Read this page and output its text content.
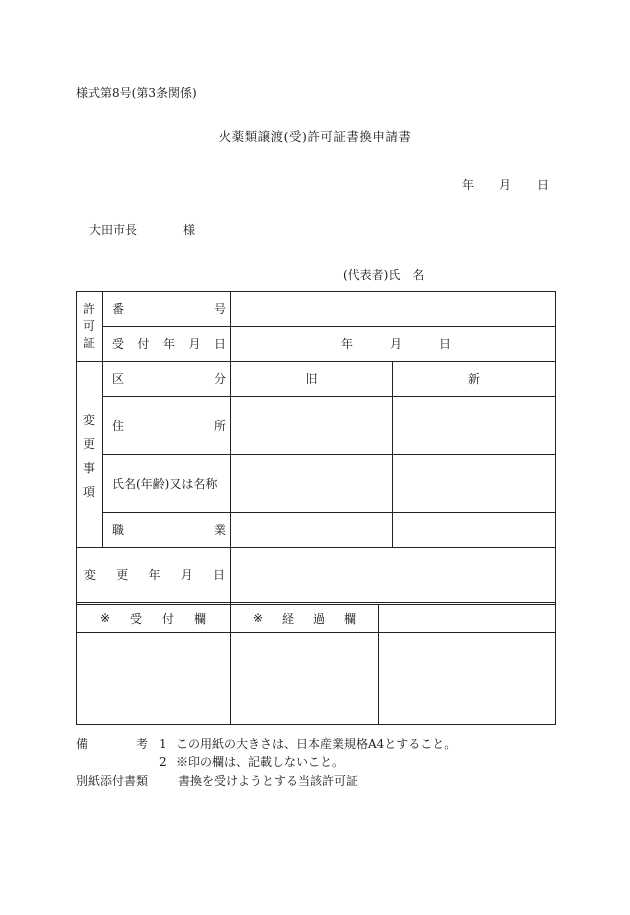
様式第8号(第3条関係)
火薬類譲渡(受)許可証書換申請書
年 月 日
大田市長	様
(代表者)氏　名
許
可
証
番	号
受 付 年 月 日	年	月	日
変
更
事
項
区	分	旧	新
住	所
氏名(年齢)又は名称
職	業
変 更 年 月 日
※ 受 付 欄	※ 経 過 欄
備	考 1 この用紙の大きさは、日本産業規格A4とすること。
2 ※印の欄は、記載しないこと。
別紙添付書類 書換を受けようとする当該許可証
